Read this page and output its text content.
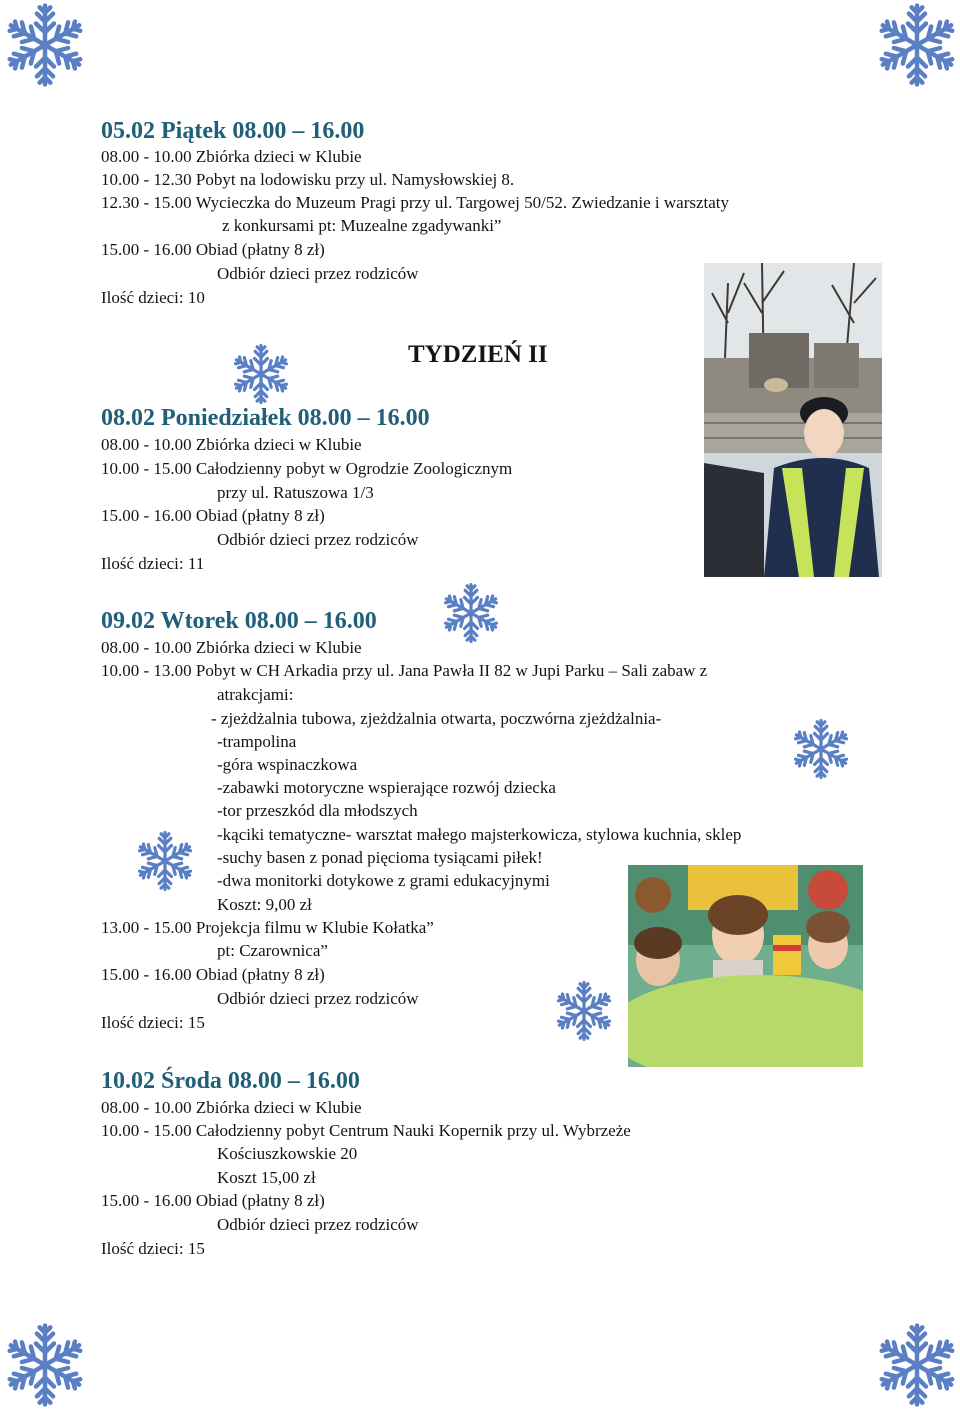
05.02 Piątek 08.00 – 16.00
08.00 - 10.00 Zbiórka dzieci w Klubie
10.00 - 12.30 Pobyt na lodowisku przy ul. Namysłowskiej 8.
12.30 - 15.00 Wycieczka do Muzeum Pragi przy ul. Targowej 50/52. Zwiedzanie i warsztaty
z konkursami pt: Muzealne zgadywanki”
15.00 - 16.00 Obiad (płatny 8 zł)
Odbiór dzieci przez rodziców
Ilość dzieci: 10
TYDZIEŃ II
08.02 Poniedziałek 08.00 – 16.00
08.00 - 10.00 Zbiórka dzieci w Klubie
10.00 - 15.00 Całodzienny pobyt w Ogrodzie Zoologicznym
przy ul. Ratuszowa 1/3
15.00 - 16.00 Obiad (płatny 8 zł)
Odbiór dzieci przez rodziców
Ilość dzieci: 11
09.02 Wtorek 08.00 – 16.00
08.00 - 10.00 Zbiórka dzieci w Klubie
10.00 - 13.00 Pobyt w CH Arkadia przy ul. Jana Pawła II 82 w Jupi Parku – Sali zabaw z
atrakcjami:
- zjeżdżalnia tubowa, zjeżdżalnia otwarta, poczwórna zjeżdżalnia-
-trampolina
-góra wspinaczkowa
-zabawki motoryczne wspierające rozwój dziecka
-tor przeszkód dla młodszych
-kąciki tematyczne- warsztat małego majsterkowicza, stylowa kuchnia, sklep
-suchy basen z ponad pięcioma tysiącami piłek!
-dwa monitorki dotykowe z grami edukacyjnymi
Koszt: 9,00 zł
13.00 - 15.00 Projekcja filmu w Klubie Kołatka”
pt: Czarownica”
15.00 - 16.00 Obiad (płatny 8 zł)
Odbiór dzieci przez rodziców
Ilość dzieci: 15
10.02 Środa 08.00 – 16.00
08.00 - 10.00 Zbiórka dzieci w Klubie
10.00 - 15.00 Całodzienny pobyt Centrum Nauki Kopernik przy ul. Wybrzeże
Kościuszkowskie 20
Koszt 15,00 zł
15.00 - 16.00 Obiad (płatny 8 zł)
Odbiór dzieci przez rodziców
Ilość dzieci: 15
